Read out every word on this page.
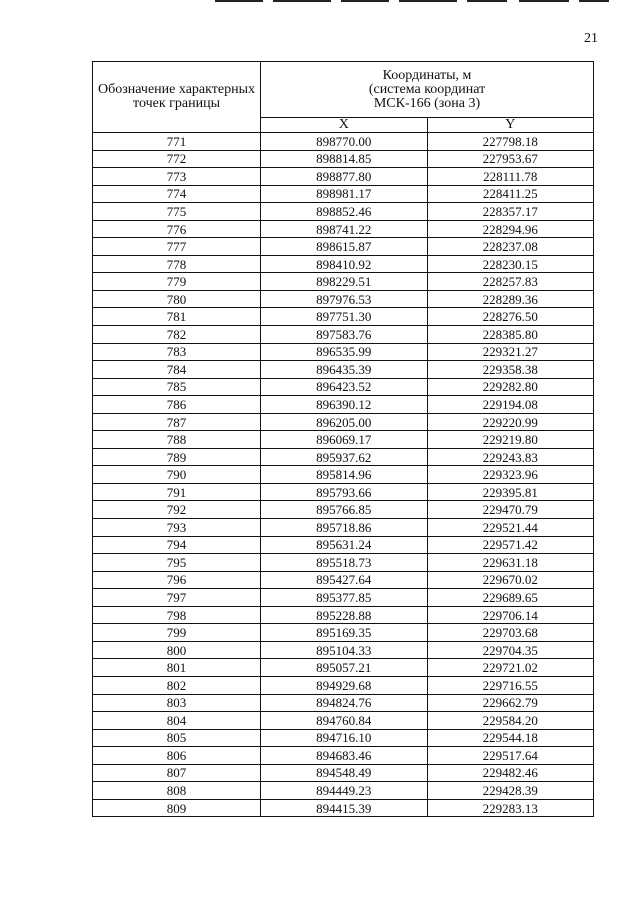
21
Обозначение характерных точек границы	Координаты, м
(система координат
МСК-166 (зона 3)	

	X	Y
771	898770.00	227798.18
772	898814.85	227953.67
773	898877.80	228111.78
774	898981.17	228411.25
775	898852.46	228357.17
776	898741.22	228294.96
777	898615.87	228237.08
778	898410.92	228230.15
779	898229.51	228257.83
780	897976.53	228289.36
781	897751.30	228276.50
782	897583.76	228385.80
783	896535.99	229321.27
784	896435.39	229358.38
785	896423.52	229282.80
786	896390.12	229194.08
787	896205.00	229220.99
788	896069.17	229219.80
789	895937.62	229243.83
790	895814.96	229323.96
791	895793.66	229395.81
792	895766.85	229470.79
793	895718.86	229521.44
794	895631.24	229571.42
795	895518.73	229631.18
796	895427.64	229670.02
797	895377.85	229689.65
798	895228.88	229706.14
799	895169.35	229703.68
800	895104.33	229704.35
801	895057.21	229721.02
802	894929.68	229716.55
803	894824.76	229662.79
804	894760.84	229584.20
805	894716.10	229544.18
806	894683.46	229517.64
807	894548.49	229482.46
808	894449.23	229428.39
809	894415.39	229283.13
